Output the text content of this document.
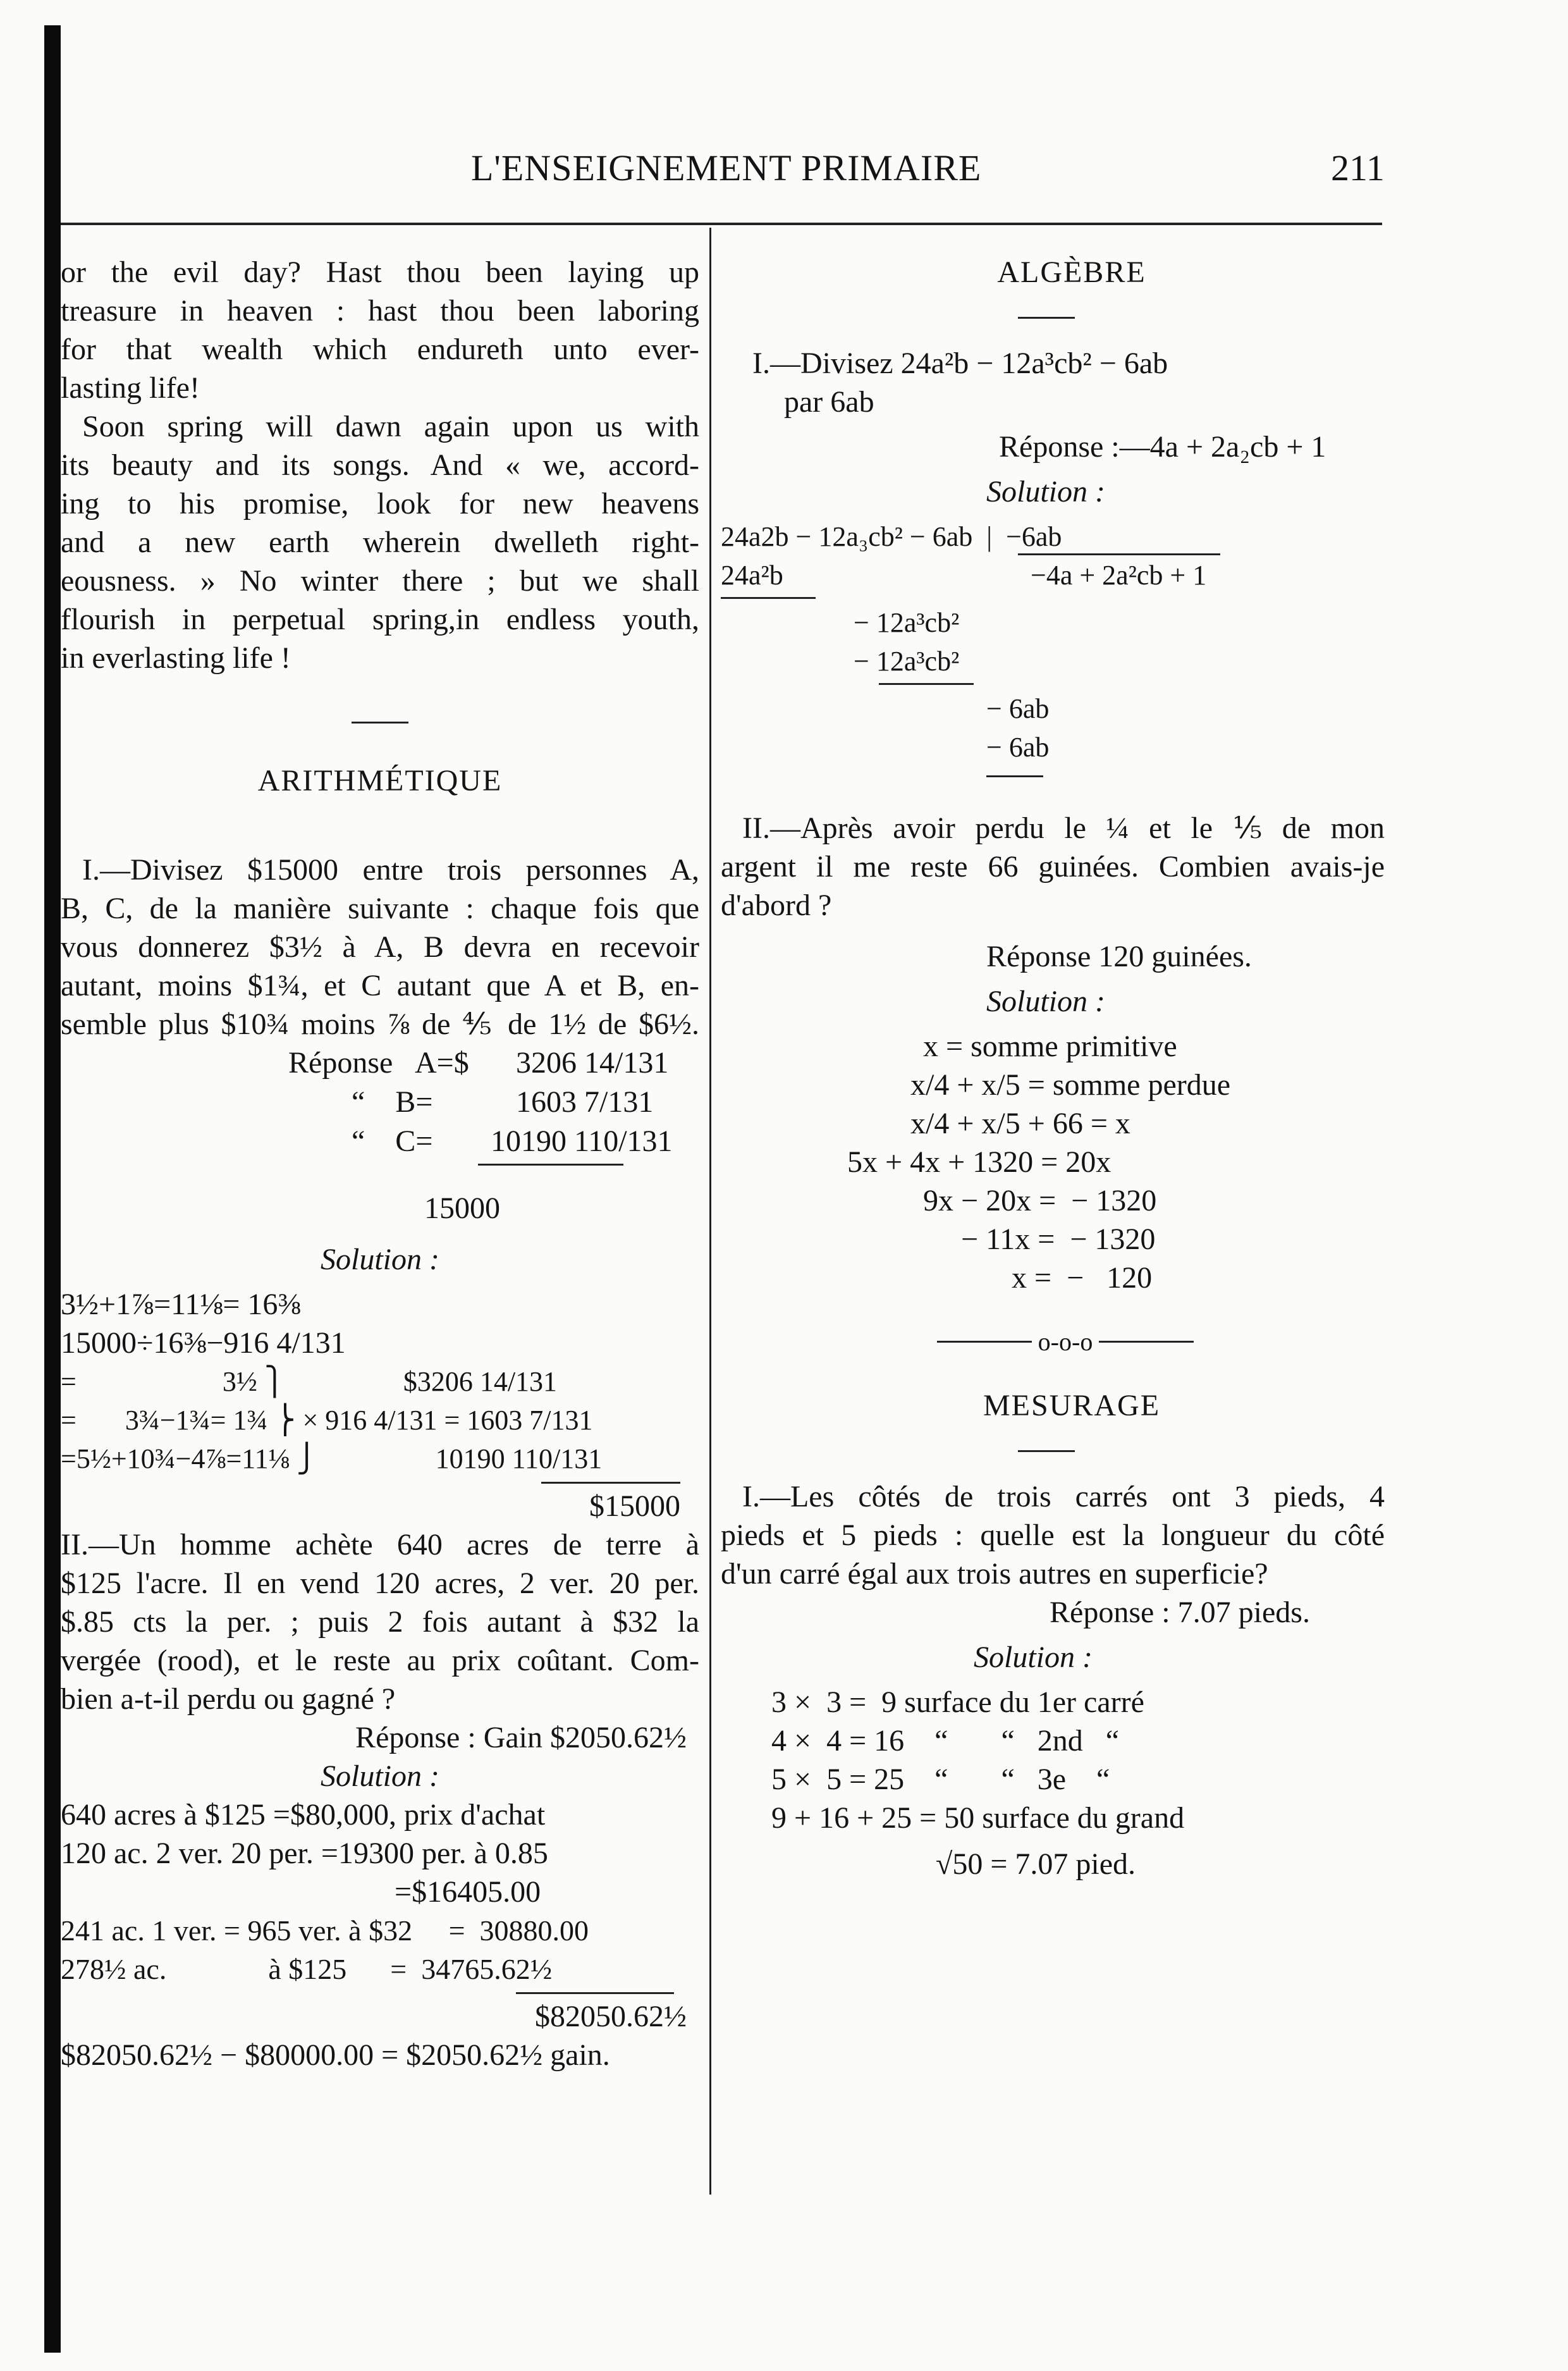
L'ENSEIGNEMENT PRIMAIRE	211

or the evil day? Hast thou been laying up

treasure in heaven : hast thou been laboring

for that wealth which endureth unto ever-

lasting life!

Soon spring will dawn again upon us with

its beauty and its songs. And « we, accord-

ing to his promise, look for new heavens

and a new earth wherein dwelleth right-

eousness. » No winter there ; but we shall

flourish in perpetual spring,in endless youth,

in everlasting life !

ARITHMÉTIQUE

I.—Divisez $15000 entre trois personnes A,

B, C, de la manière suivante : chaque fois que

vous donnerez $3½ à A, B devra en recevoir

autant, moins $1¾, et C autant que A et B, en-

semble plus $10¾ moins ⅞ de ⅘ de 1½ de $6½.

Réponse A=$ 3206 14/131
“    B=	1603 7/131
“    C= 10190 110/131

15000

Solution :

3½+1⅞=11⅛= 16⅜

15000÷16⅜−916 4/131

=                     3½ ⎫                 $3206 14/131

=       3¾−1¾= 1¾ ⎬ × 916 4/131 = 1603 7/131

=5½+10¾−4⅞=11⅛ ⎭                 10190 110/131

$15000

II.—Un homme achète 640 acres de terre à

$125 l'acre. Il en vend 120 acres, 2 ver. 20 per.

$.85 cts la per. ; puis 2 fois autant à $32 la

vergée (rood), et le reste au prix coûtant. Com-

bien a-t-il perdu ou gagné ?

Réponse : Gain $2050.62½

Solution :

640 acres à $125 =$80,000, prix d'achat

120 ac. 2 ver. 20 per. =19300 per. à 0.85

=$16405.00

241 ac. 1 ver. = 965 ver. à $32     =  30880.00

278½ ac.              à $125      =  34765.62½

$82050.62½

$82050.62½ − $80000.00 = $2050.62½ gain.

ALGÈBRE

I.—Divisez 24a²b − 12a³cb² − 6ab

par 6ab

Réponse :—4a + 2a₂cb + 1

Solution :

24a2b − 12a₃cb² − 6ab  |  −6ab

24a²b	−4a + 2a²cb + 1

− 12a³cb²

− 12a³cb²

− 6ab

− 6ab

II.—Après avoir perdu le ¼ et le ⅕ de mon

argent il me reste 66 guinées. Combien avais-je

d'abord ?

Réponse 120 guinées.

Solution :

x = somme primitive

x/4 + x/5 = somme perdue

x/4 + x/5 + 66 = x

5x + 4x + 1320 = 20x

9x − 20x =  − 1320

− 11x =  − 1320

x =  −   120

o-o-o

MESURAGE

I.—Les côtés de trois carrés ont 3 pieds, 4

pieds et 5 pieds : quelle est la longueur du côté

d'un carré égal aux trois autres en superficie?

Réponse : 7.07 pieds.

Solution :

3 ×  3 =  9 surface du 1er carré

4 ×  4 = 16    “       “   2nd   “

5 ×  5 = 25    “       “   3e    “

9 + 16 + 25 = 50 surface du grand

√50 = 7.07 pied.
